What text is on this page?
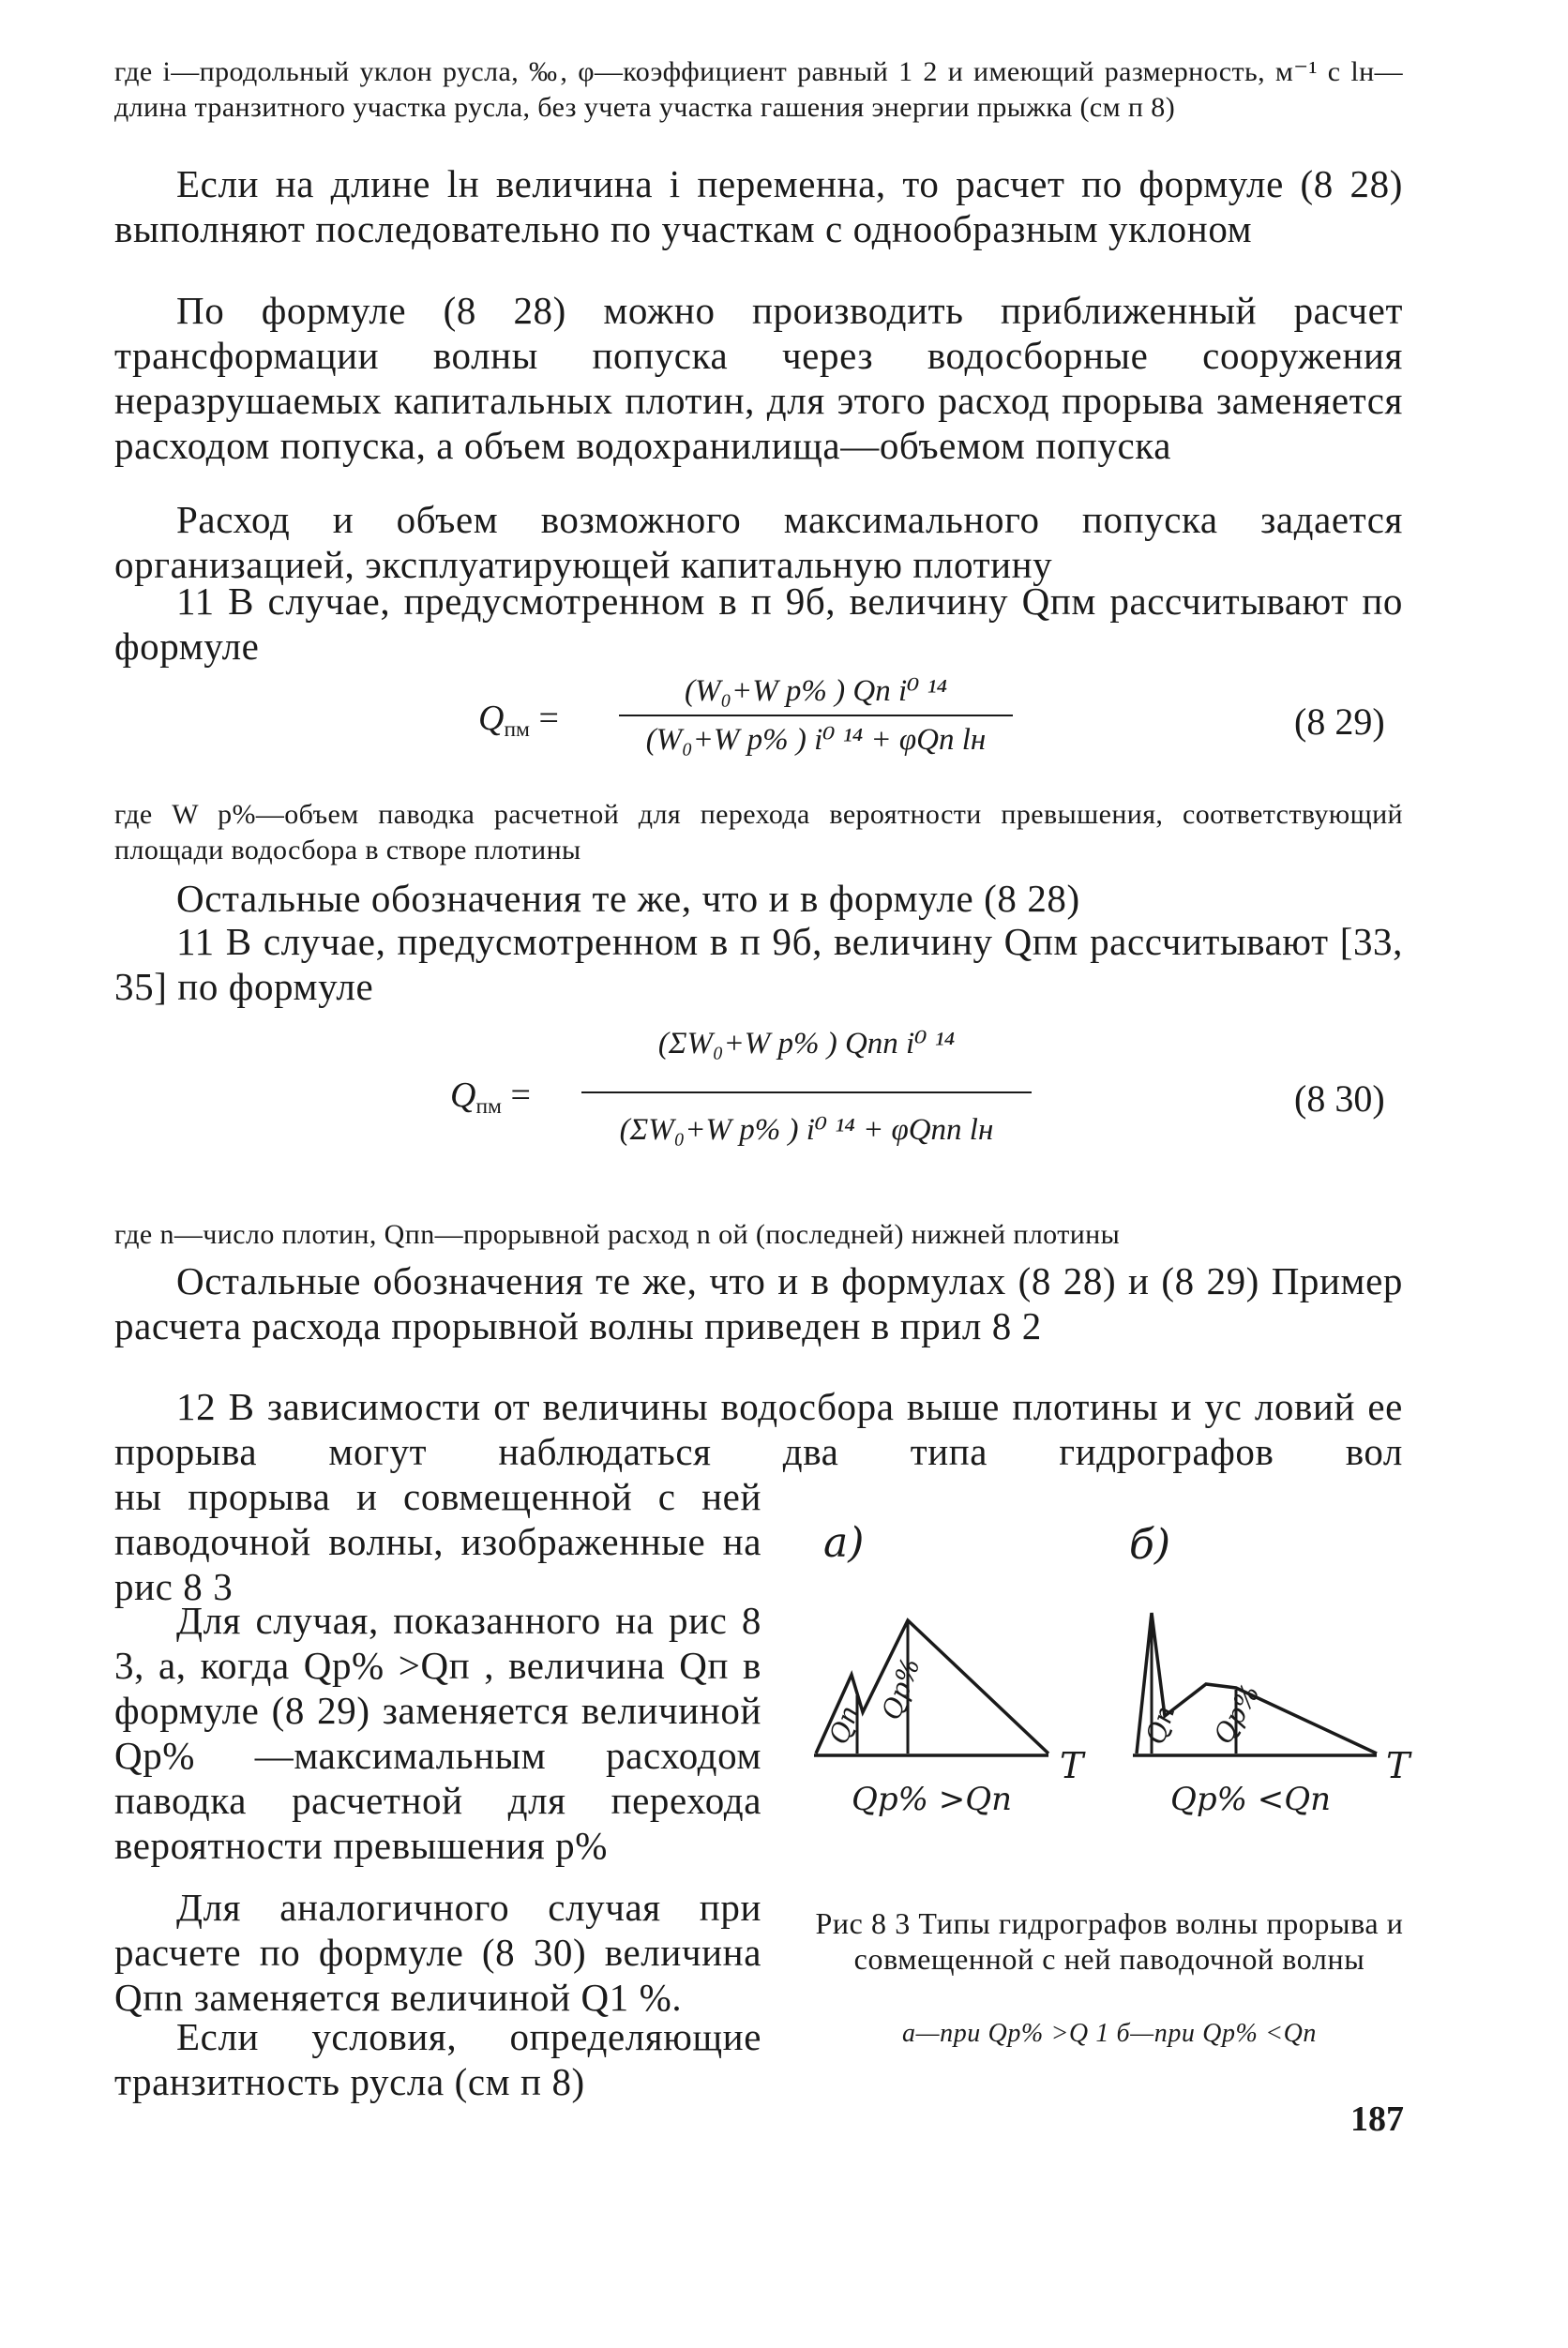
где i—продольный уклон русла, ‰, φ—коэффициент равный 1 2 и имеющий размерность, м⁻¹ с lн—длина транзитного участка русла, без учета участка гашения энергии прыжка (см п 8)
Если на длине lн величина i переменна, то расчет по формуле (8 28) выполняют последовательно по участкам с однообразным уклоном
По формуле (8 28) можно производить приближенный расчет трансформации волны попуска через водосборные сооружения неразрушаемых капитальных плотин, для этого расход прорыва заменяется расходом попуска, а объем водохранилища—объемом попуска
Расход и объем возможного максимального попуска задается организацией, эксплуатирующей капитальную плотину
11 В случае, предусмотренном в п 9б, величину Qпм рассчитывают по формуле
$Q_{пм}$ =
(W₀+W р% ) Qп i⁰ ¹⁴
(W₀+W р% ) i⁰ ¹⁴ + φQп lн	(8 29)
где W р%—объем паводка расчетной для перехода вероятности превышения, соответствующий площади водосбора в створе плотины
Остальные обозначения те же, что и в формуле (8 28)
11 В случае, предусмотренном в п 9б, величину Qпм рассчитывают [33, 35] по формуле
$Q_{пм}$ =
(ΣW₀+W р% ) Qпn i⁰ ¹⁴
(ΣW₀+W р% ) i⁰ ¹⁴ + φQпn lн
(8 30)
где n—число плотин, Qпn—прорывной расход n ой (последней) нижней плотины
Остальные обозначения те же, что и в формулах (8 28) и (8 29) Пример расчета расхода прорывной волны приведен в прил 8 2
12 В зависимости от величины водосбора выше плотины и ус ловий ее прорыва могут наблюдаться два типа гидрографов вол
ны прорыва и совмещенной с ней паводочной волны, изображенные на рис 8 3
Для случая, показанного на рис 8 3, а, когда Qр% >Qп , величина Qп в формуле (8 29) заменяется величиной Qр% —максимальным расходом паводка расчетной для перехода вероятности превышения р%
Для аналогичного случая при расчете по формуле (8 30) величина Qпn заменяется величиной Q1 %.
Если условия, определяющие транзитность русла (см п 8)
а)
T
Qр% >Qп
Qп
Qр%
б)
T
Qр% <Qп
Qп Qр%
Рис 8 3 Типы гидрографов волны прорыва и совмещенной с ней паводочной волны
а—при Qр% >Q 1 б—при Qр% <Qп
187
